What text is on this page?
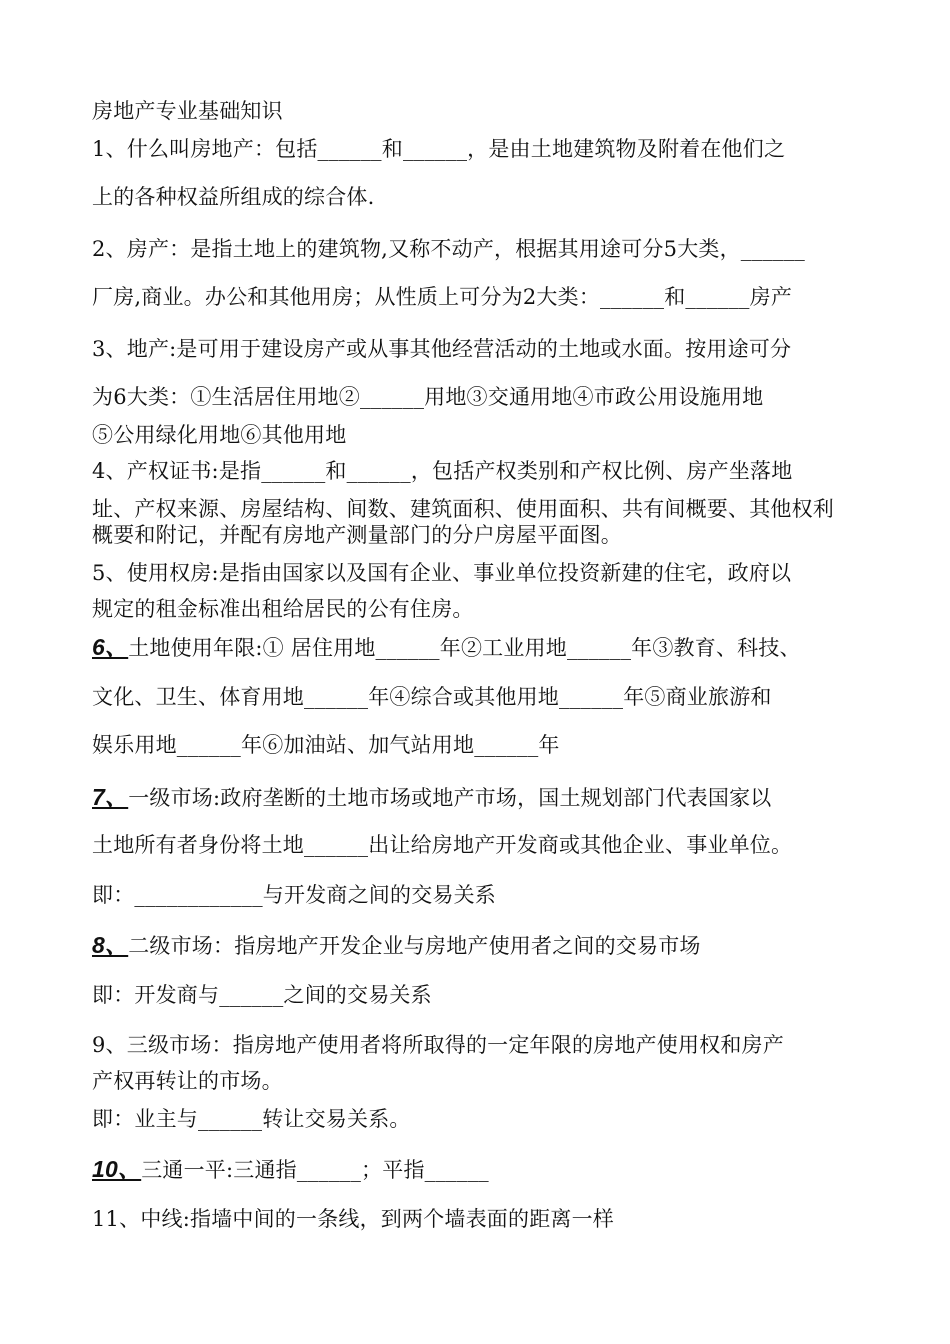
房地产专业基础知识

1、什么叫房地产：包括______和______，是由土地建筑物及附着在他们之

上的各种权益所组成的综合体.

2、房产：是指土地上的建筑物,又称不动产，根据其用途可分5大类，______

厂房,商业。办公和其他用房；从性质上可分为2大类：______和______房产

3、地产:是可用于建设房产或从事其他经营活动的土地或水面。按用途可分

为6大类：①生活居住用地②______用地③交通用地④市政公用设施用地

⑤公用绿化用地⑥其他用地

4、产权证书:是指______和______，包括产权类别和产权比例、房产坐落地

址、产权来源、房屋结构、间数、建筑面积、使用面积、共有间概要、其他权利

概要和附记，并配有房地产测量部门的分户房屋平面图。

5、使用权房:是指由国家以及国有企业、事业单位投资新建的住宅，政府以

规定的租金标准出租给居民的公有住房。

6、土地使用年限:① 居住用地______年②工业用地______年③教育、科技、

文化、卫生、体育用地______年④综合或其他用地______年⑤商业旅游和

娱乐用地______年⑥加油站、加气站用地______年

7、一级市场:政府垄断的土地市场或地产市场，国土规划部门代表国家以

土地所有者身份将土地______出让给房地产开发商或其他企业、事业单位。

即：____________与开发商之间的交易关系

8、二级市场：指房地产开发企业与房地产使用者之间的交易市场

即：开发商与______之间的交易关系

9、三级市场：指房地产使用者将所取得的一定年限的房地产使用权和房产

产权再转让的市场。

即：业主与______转让交易关系。

10、三通一平:三通指______；平指______

11、中线:指墙中间的一条线，到两个墙表面的距离一样
